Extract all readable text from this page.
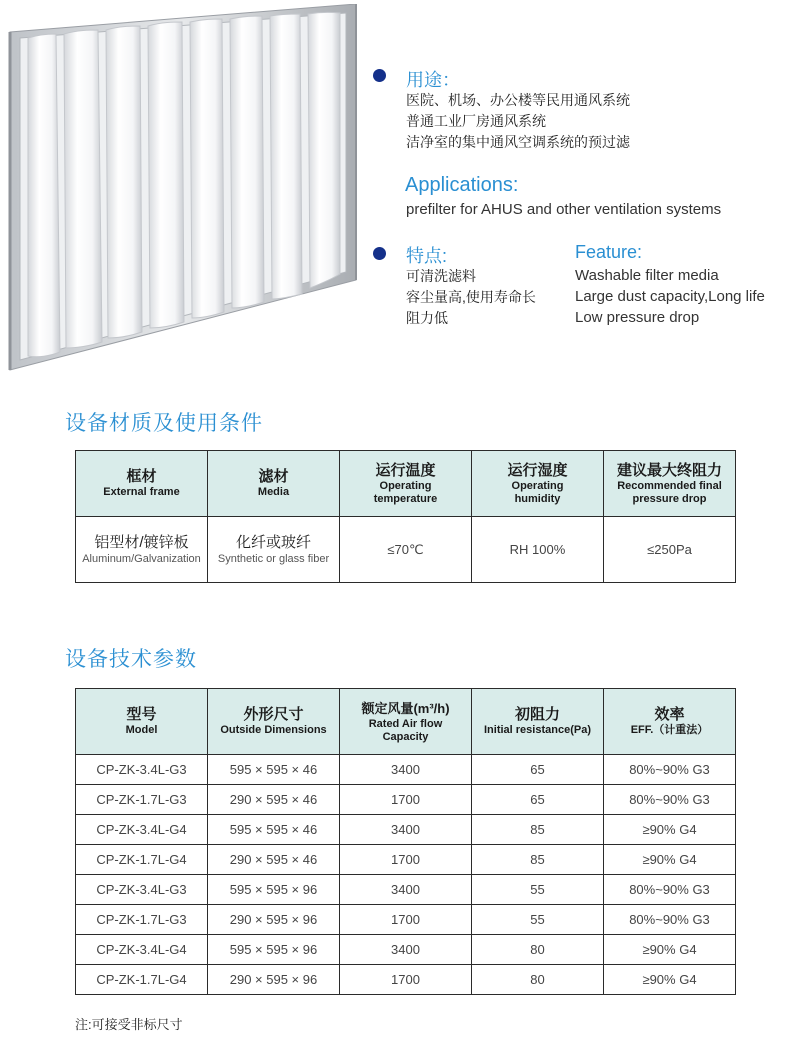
用途：
医院、机场、办公楼等民用通风系统
普通工业厂房通风系统
洁净室的集中通风空调系统的预过滤
Applications:
prefilter for AHUS and other ventilation systems
特点:
可清洗滤料
容尘量高,使用寿命长
阻力低
Feature:
Washable filter media
Large dust capacity,Long life
Low pressure drop
设备材质及使用条件
框材
External frame	滤材
Media	运行温度
Operating temperature	运行湿度
Operating humidity	建议最大终阻力
Recommended final pressure drop

铝型材/镀锌板
Aluminum/Galvanization	化纤或玻纤
Synthetic or glass fiber	≤70℃	RH 100%	≤250Pa
设备技术参数
型号
Model	外形尺寸
Outside Dimensions	额定风量(m³/h)
Rated Air flow Capacity	初阻力
Initial resistance(Pa)	效率
EFF.（计重法）

CP-ZK-3.4L-G3	595 × 595 × 46	3400	65	80%~90% G3
CP-ZK-1.7L-G3	290 × 595 × 46	1700	65	80%~90% G3
CP-ZK-3.4L-G4	595 × 595 × 46	3400	85	≥90% G4
CP-ZK-1.7L-G4	290 × 595 × 46	1700	85	≥90% G4
CP-ZK-3.4L-G3	595 × 595 × 96	3400	55	80%~90% G3
CP-ZK-1.7L-G3	290 × 595 × 96	1700	55	80%~90% G3
CP-ZK-3.4L-G4	595 × 595 × 96	3400	80	≥90% G4
CP-ZK-1.7L-G4	290 × 595 × 96	1700	80	≥90% G4
注:可接受非标尺寸
